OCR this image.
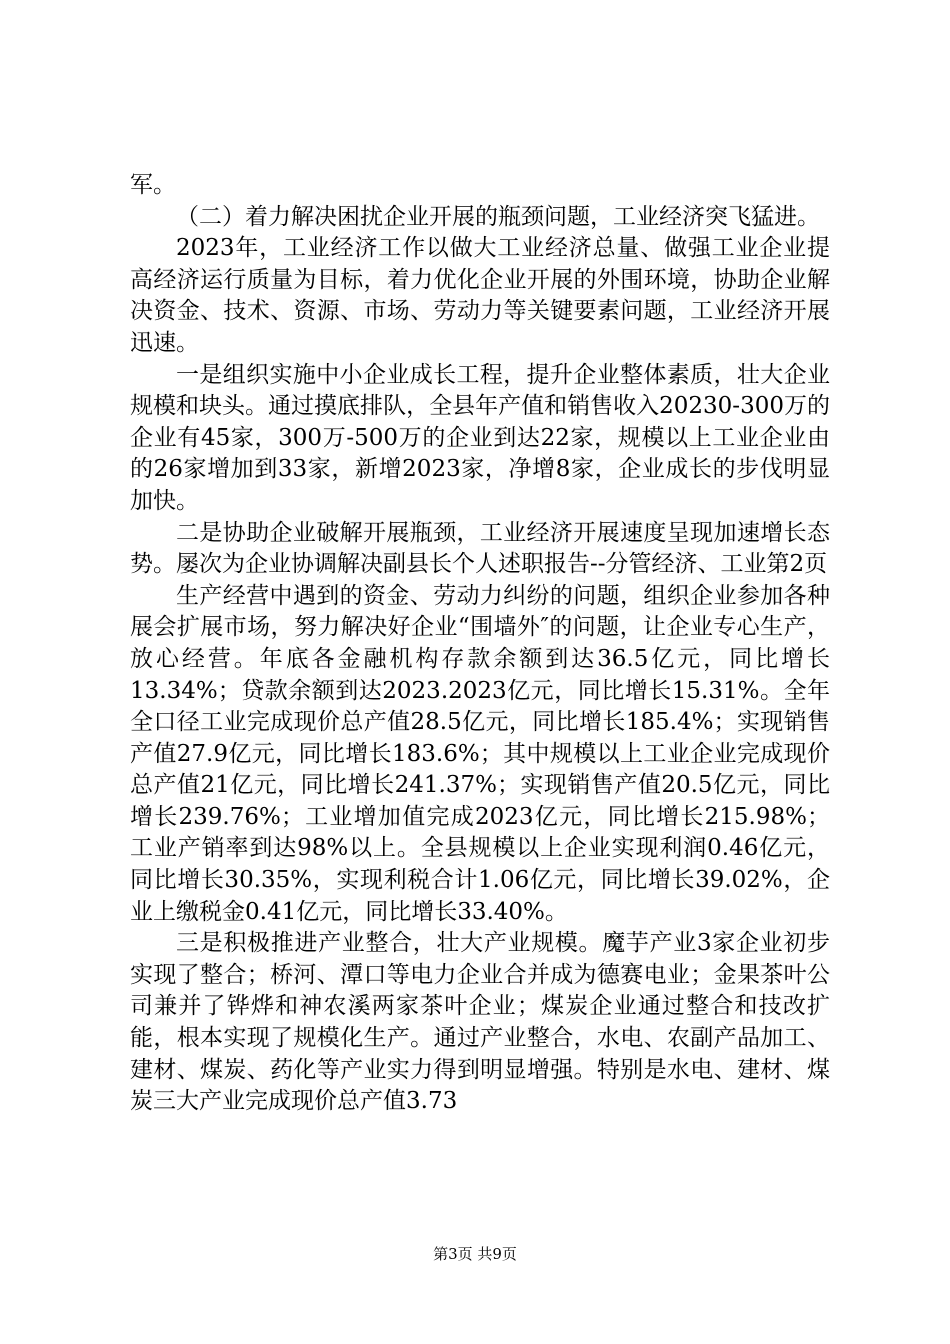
军。

（二）着力解决困扰企业开展的瓶颈问题，工业经济突飞猛进。

2023年，工业经济工作以做大工业经济总量、做强工业企业提高经济运行质量为目标，着力优化企业开展的外围环境，协助企业解决资金、技术、资源、市场、劳动力等关键要素问题，工业经济开展迅速。

一是组织实施中小企业成长工程，提升企业整体素质，壮大企业规模和块头。通过摸底排队，全县年产值和销售收入20230-300万的企业有45家，300万-500万的企业到达22家，规模以上工业企业由的26家增加到33家，新增2023家，净增8家，企业成长的步伐明显加快。

二是协助企业破解开展瓶颈，工业经济开展速度呈现加速增长态势。屡次为企业协调解决副县长个人述职报告--分管经济、工业第2页

生产经营中遇到的资金、劳动力纠纷的问题，组织企业参加各种展会扩展市场，努力解决好企业“围墙外″的问题，让企业专心生产，放心经营。年底各金融机构存款余额到达36.5亿元，同比增长13.34%；贷款余额到达2023.2023亿元，同比增长15.31%。全年全口径工业完成现价总产值28.5亿元，同比增长185.4%；实现销售产值27.9亿元，同比增长183.6%；其中规模以上工业企业完成现价总产值21亿元，同比增长241.37%；实现销售产值20.5亿元，同比增长239.76%；工业增加值完成2023亿元，同比增长215.98%；工业产销率到达98%以上。全县规模以上企业实现利润0.46亿元，同比增长30.35%，实现利税合计1.06亿元，同比增长39.02%，企业上缴税金0.41亿元，同比增长33.40%。

三是积极推进产业整合，壮大产业规模。魔芋产业3家企业初步实现了整合；桥河、潭口等电力企业合并成为德赛电业；金果茶叶公司兼并了铧烨和神农溪两家茶叶企业；煤炭企业通过整合和技改扩能，根本实现了规模化生产。通过产业整合，水电、农副产品加工、建材、煤炭、药化等产业实力得到明显增强。特别是水电、建材、煤炭三大产业完成现价总产值3.73

第3页 共9页
